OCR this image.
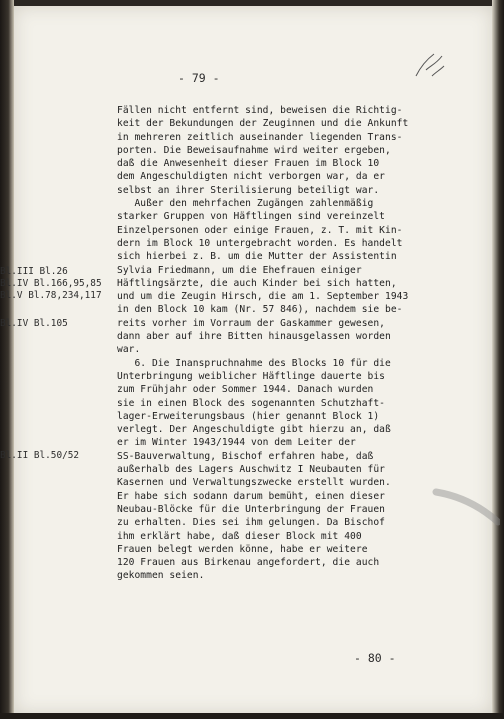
- 79 -
Bl.III Bl.26
Bl.IV Bl.166,95,85
Bl.V Bl.78,234,117
Bl.IV Bl.105
Bl.II Bl.50/52
Fällen nicht entfernt sind, beweisen die Richtig-
keit der Bekundungen der Zeuginnen und die Ankunft
in mehreren zeitlich auseinander liegenden Trans-
porten. Die Beweisaufnahme wird weiter ergeben,
daß die Anwesenheit dieser Frauen im Block 10
dem Angeschuldigten nicht verborgen war, da er
selbst an ihrer Sterilisierung beteiligt war.
Außer den mehrfachen Zugängen zahlenmäßig
starker Gruppen von Häftlingen sind vereinzelt
Einzelpersonen oder einige Frauen, z. T. mit Kin-
dern im Block 10 untergebracht worden. Es handelt
sich hierbei z. B. um die Mutter der Assistentin
Sylvia Friedmann, um die Ehefrauen einiger
Häftlingsärzte, die auch Kinder bei sich hatten,
und um die Zeugin Hirsch, die am 1. September 1943
in den Block 10 kam (Nr. 57 846), nachdem sie be-
reits vorher im Vorraum der Gaskammer gewesen,
dann aber auf ihre Bitten hinausgelassen worden
war.
6. Die Inanspruchnahme des Blocks 10 für die
Unterbringung weiblicher Häftlinge dauerte bis
zum Frühjahr oder Sommer 1944. Danach wurden
sie in einen Block des sogenannten Schutzhaft-
lager-Erweiterungsbaus (hier genannt Block 1)
verlegt. Der Angeschuldigte gibt hierzu an, daß
er im Winter 1943/1944 von dem Leiter der
SS-Bauverwaltung, Bischof erfahren habe, daß
außerhalb des Lagers Auschwitz I Neubauten für
Kasernen und Verwaltungszwecke erstellt wurden.
Er habe sich sodann darum bemüht, einen dieser
Neubau-Blöcke für die Unterbringung der Frauen
zu erhalten. Dies sei ihm gelungen. Da Bischof
ihm erklärt habe, daß dieser Block mit 400
Frauen belegt werden könne, habe er weitere
120 Frauen aus Birkenau angefordert, die auch
gekommen seien.
- 80 -
